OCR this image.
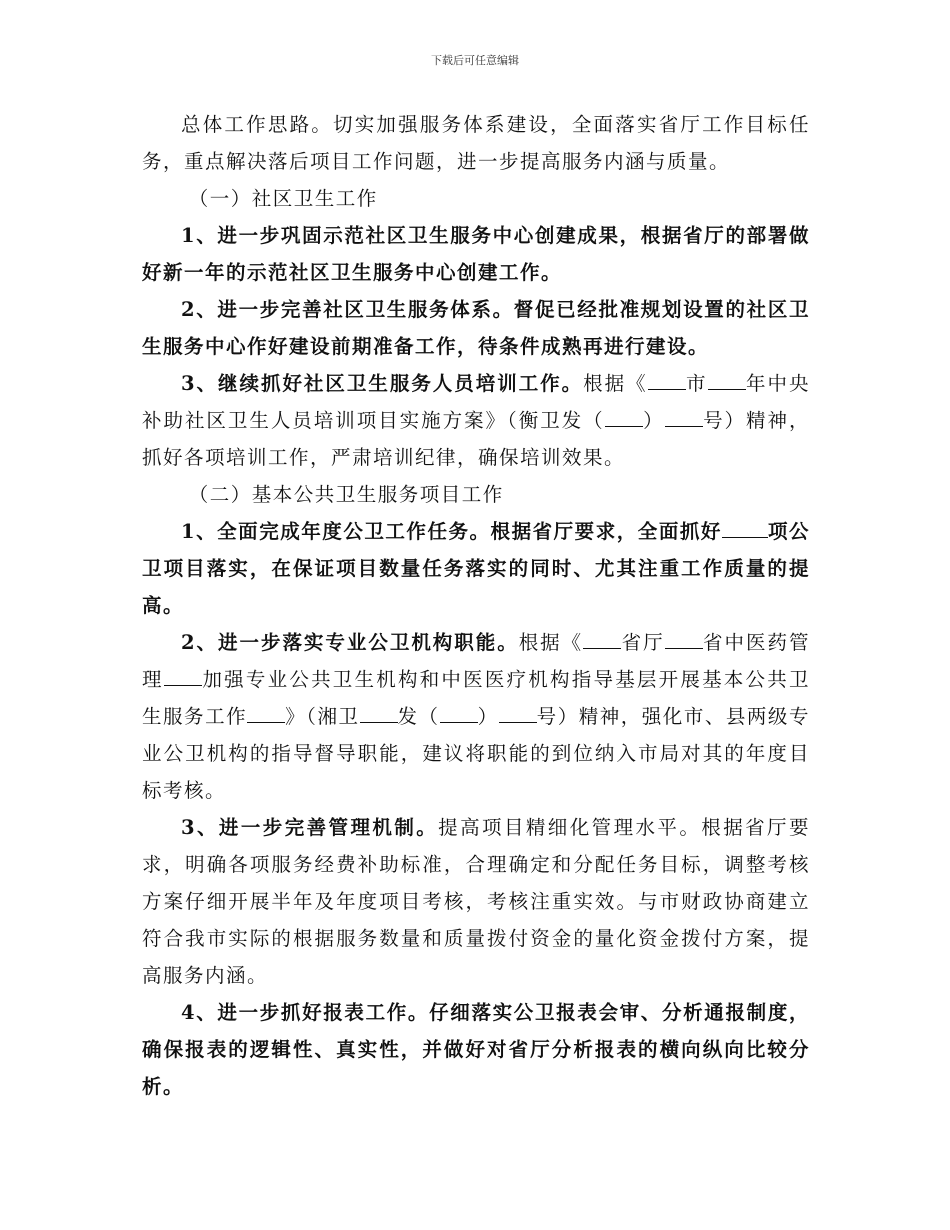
下载后可任意编辑

总体工作思路。切实加强服务体系建设，全面落实省厅工作目标任务，重点解决落后项目工作问题，进一步提高服务内涵与质量。

（一）社区卫生工作

1、进一步巩固示范社区卫生服务中心创建成果，根据省厅的部署做好新一年的示范社区卫生服务中心创建工作。

2、进一步完善社区卫生服务体系。督促已经批准规划设置的社区卫生服务中心作好建设前期准备工作，待条件成熟再进行建设。

3、继续抓好社区卫生服务人员培训工作。根据《 市 年中央补助社区卫生人员培训项目实施方案》（衡卫发（ ） 号）精神，抓好各项培训工作，严肃培训纪律，确保培训效果。

（二）基本公共卫生服务项目工作

1、全面完成年度公卫工作任务。根据省厅要求，全面抓好 项公卫项目落实，在保证项目数量任务落实的同时、尤其注重工作质量的提高。

2、进一步落实专业公卫机构职能。根据《 省厅 省中医药管理 加强专业公共卫生机构和中医医疗机构指导基层开展基本公共卫生服务工作 》（湘卫 发（ ） 号）精神，强化市、县两级专业公卫机构的指导督导职能，建议将职能的到位纳入市局对其的年度目标考核。

3、进一步完善管理机制。提高项目精细化管理水平。根据省厅要求，明确各项服务经费补助标准，合理确定和分配任务目标，调整考核方案仔细开展半年及年度项目考核，考核注重实效。与市财政协商建立符合我市实际的根据服务数量和质量拨付资金的量化资金拨付方案，提高服务内涵。

4、进一步抓好报表工作。仔细落实公卫报表会审、分析通报制度，确保报表的逻辑性、真实性，并做好对省厅分析报表的横向纵向比较分析。
